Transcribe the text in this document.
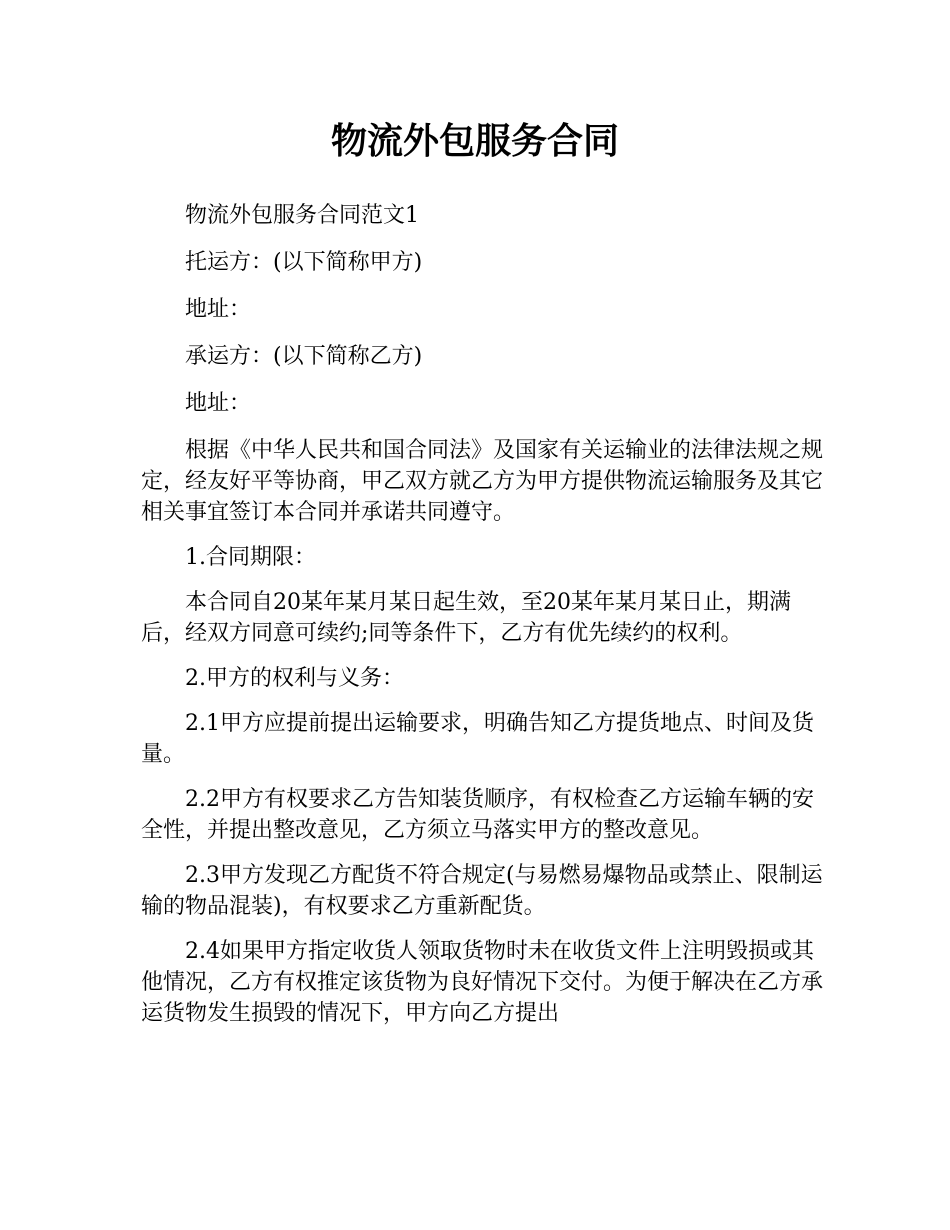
物流外包服务合同

物流外包服务合同范文1

托运方：(以下简称甲方)

地址：

承运方：(以下简称乙方)

地址：

根据《中华人民共和国合同法》及国家有关运输业的法律法规之规定，经友好平等协商，甲乙双方就乙方为甲方提供物流运输服务及其它相关事宜签订本合同并承诺共同遵守。

1.合同期限：

本合同自20某年某月某日起生效，至20某年某月某日止，期满后，经双方同意可续约;同等条件下，乙方有优先续约的权利。

2.甲方的权利与义务：

2.1甲方应提前提出运输要求，明确告知乙方提货地点、时间及货量。

2.2甲方有权要求乙方告知装货顺序，有权检查乙方运输车辆的安全性，并提出整改意见，乙方须立马落实甲方的整改意见。

2.3甲方发现乙方配货不符合规定(与易燃易爆物品或禁止、限制运输的物品混装)，有权要求乙方重新配货。

2.4如果甲方指定收货人领取货物时未在收货文件上注明毁损或其他情况，乙方有权推定该货物为良好情况下交付。为便于解决在乙方承运货物发生损毁的情况下，甲方向乙方提出
